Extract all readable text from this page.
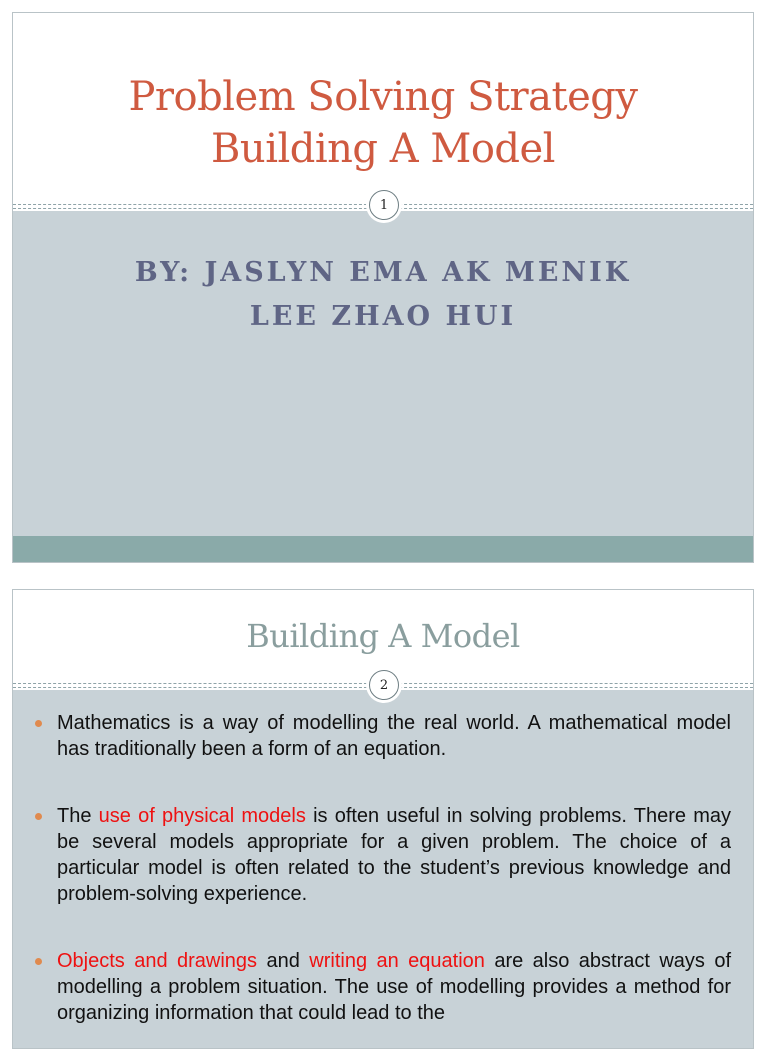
Problem Solving Strategy
Building A Model
1
BY: JASLYN EMA AK MENIK
LEE ZHAO HUI
Building A Model
2
Mathematics is a way of modelling the real world. A mathematical model has traditionally been a form of an equation.
The use of physical models is often useful in solving problems. There may be several models appropriate for a given problem. The choice of a particular model is often related to the student’s previous knowledge and problem-solving experience.
Objects and drawings and writing an equation are also abstract ways of modelling a problem situation. The use of modelling provides a method for organizing information that could lead to the
